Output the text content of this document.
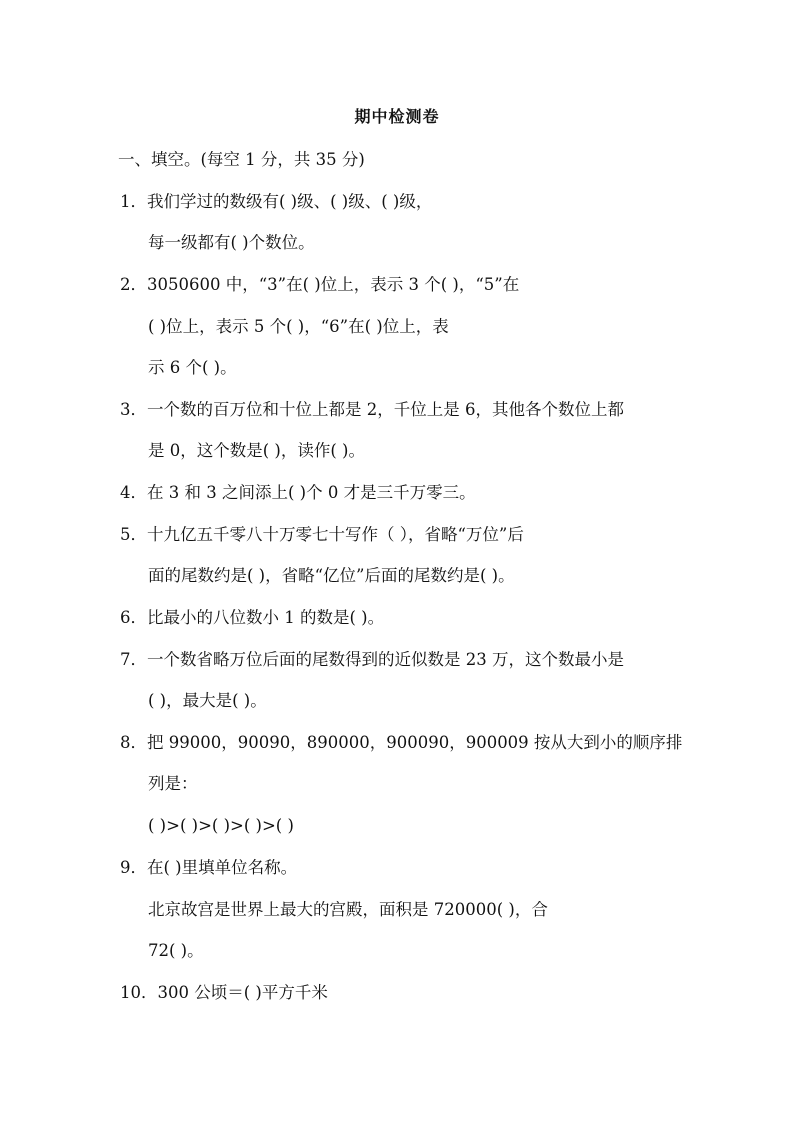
期中检测卷
一、填空。(每空 1 分，共 35 分)
1．我们学过的数级有( )级、( )级、( )级，
每一级都有( )个数位。
2．3050600 中，“3”在( )位上，表示 3 个( )，“5”在
( )位上，表示 5 个( )，“6”在( )位上，表
示 6 个( )。
3．一个数的百万位和十位上都是 2，千位上是 6，其他各个数位上都
是 0，这个数是( )，读作( )。
4．在 3 和 3 之间添上( )个 0 才是三千万零三。
5．十九亿五千零八十万零七十写作（ ），省略“万位”后
面的尾数约是( )，省略“亿位”后面的尾数约是( )。
6．比最小的八位数小 1 的数是( )。
7．一个数省略万位后面的尾数得到的近似数是 23 万，这个数最小是
( )，最大是( )。
8．把 99000，90090，890000，900090，900009 按从大到小的顺序排
列是：
( )>( )>( )>( )>( )
9．在( )里填单位名称。
北京故宫是世界上最大的宫殿，面积是 720000( )，合
72( )。
10．300 公顷＝( )平方千米
